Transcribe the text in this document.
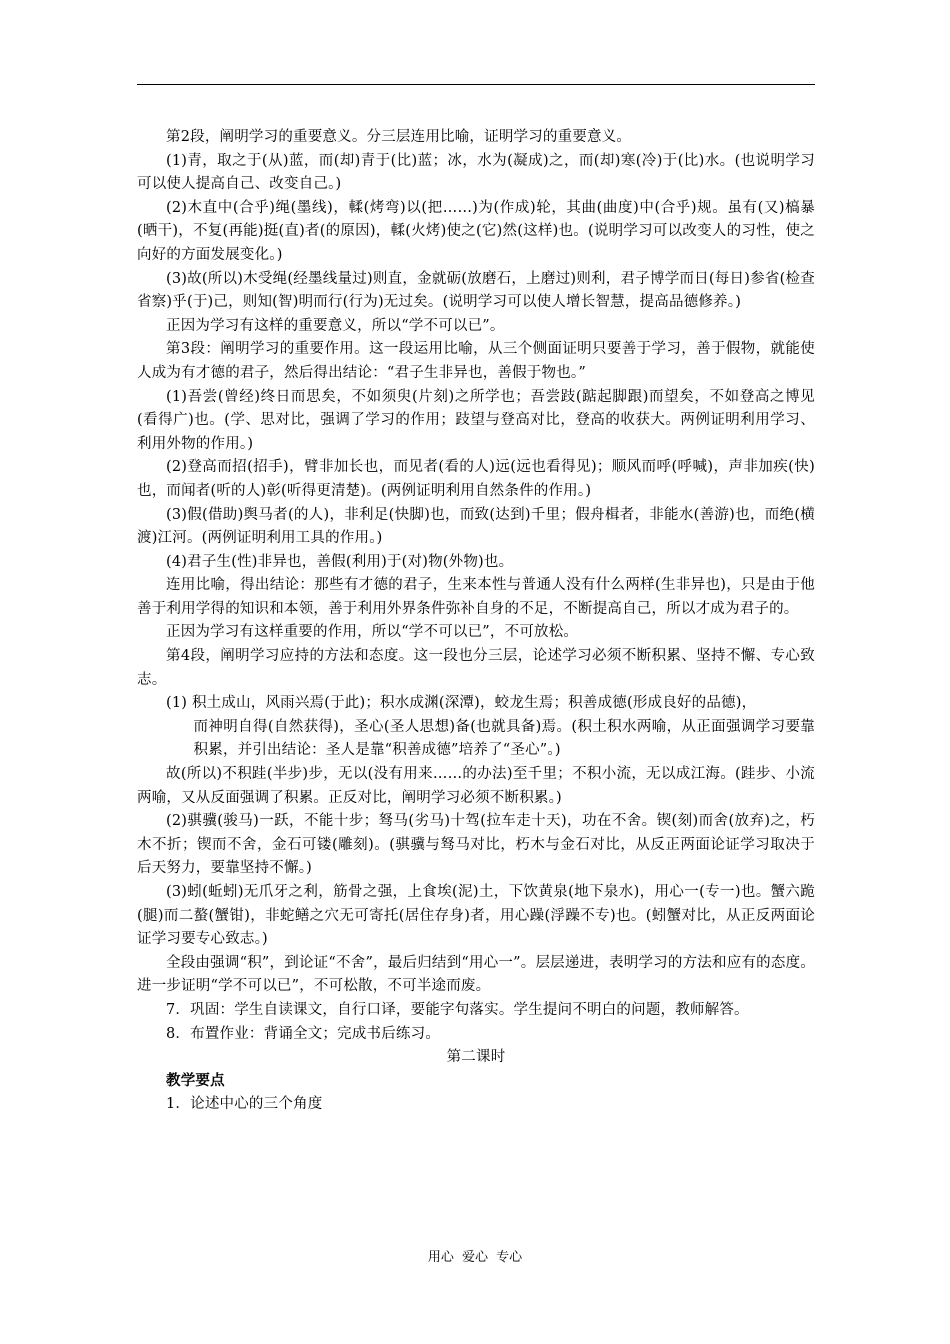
第2段，阐明学习的重要意义。分三层连用比喻，证明学习的重要意义。

(1)青，取之于(从)蓝，而(却)青于(比)蓝；冰，水为(凝成)之，而(却)寒(冷)于(比)水。(也说明学习可以使人提高自己、改变自己。)

(2)木直中(合乎)绳(墨线)，輮(烤弯)以(把……)为(作成)轮，其曲(曲度)中(合乎)规。虽有(又)槁暴(晒干)，不复(再能)挺(直)者(的原因)，輮(火烤)使之(它)然(这样)也。(说明学习可以改变人的习性，使之向好的方面发展变化。)

(3)故(所以)木受绳(经墨线量过)则直，金就砺(放磨石，上磨过)则利，君子博学而日(每日)参省(检查省察)乎(于)己，则知(智)明而行(行为)无过矣。(说明学习可以使人增长智慧，提高品德修养。)

正因为学习有这样的重要意义，所以“学不可以已”。

第3段：阐明学习的重要作用。这一段运用比喻，从三个侧面证明只要善于学习，善于假物，就能使人成为有才德的君子，然后得出结论：“君子生非异也，善假于物也。”

(1)吾尝(曾经)终日而思矣，不如须臾(片刻)之所学也；吾尝跂(踮起脚跟)而望矣，不如登高之博见(看得广)也。(学、思对比，强调了学习的作用；跂望与登高对比，登高的收获大。两例证明利用学习、利用外物的作用。)

(2)登高而招(招手)，臂非加长也，而见者(看的人)远(远也看得见)；顺风而呼(呼喊)，声非加疾(快)也，而闻者(听的人)彰(听得更清楚)。(两例证明利用自然条件的作用。)

(3)假(借助)舆马者(的人)，非利足(快脚)也，而致(达到)千里；假舟楫者，非能水(善游)也，而绝(横渡)江河。(两例证明利用工具的作用。)

(4)君子生(性)非异也，善假(利用)于(对)物(外物)也。

连用比喻，得出结论：那些有才德的君子，生来本性与普通人没有什么两样(生非异也)，只是由于他善于利用学得的知识和本领，善于利用外界条件弥补自身的不足，不断提高自己，所以才成为君子的。

正因为学习有这样重要的作用，所以“学不可以已”，不可放松。

第4段，阐明学习应持的方法和态度。这一段也分三层，论述学习必须不断积累、坚持不懈、专心致志。

(1) 积土成山，风雨兴焉(于此)；积水成渊(深潭)，蛟龙生焉；积善成德(形成良好的品德)，
而神明自得(自然获得)，圣心(圣人思想)备(也就具备)焉。(积土积水两喻，从正面强调学习要靠积累，并引出结论：圣人是靠“积善成德”培养了“圣心”。)

故(所以)不积跬(半步)步，无以(没有用来……的办法)至千里；不积小流，无以成江海。(跬步、小流两喻，又从反面强调了积累。正反对比，阐明学习必须不断积累。)

(2)骐骥(骏马)一跃，不能十步；驽马(劣马)十驾(拉车走十天)，功在不舍。锲(刻)而舍(放弃)之，朽木不折；锲而不舍，金石可镂(雕刻)。(骐骥与驽马对比，朽木与金石对比，从反正两面论证学习取决于后天努力，要靠坚持不懈。)

(3)蚓(蚯蚓)无爪牙之利，筋骨之强，上食埃(泥)土，下饮黄泉(地下泉水)，用心一(专一)也。蟹六跪(腿)而二螯(蟹钳)，非蛇鳝之穴无可寄托(居住存身)者，用心躁(浮躁不专)也。(蚓蟹对比，从正反两面论证学习要专心致志。)

全段由强调“积”，到论证“不舍”，最后归结到“用心一”。层层递进，表明学习的方法和应有的态度。进一步证明“学不可以已”，不可松散，不可半途而废。

7．巩固：学生自读课文，自行口译，要能字句落实。学生提问不明白的问题，教师解答。

8．布置作业：背诵全文；完成书后练习。

第二课时

教学要点

1．论述中心的三个角度

用心 爱心 专心
